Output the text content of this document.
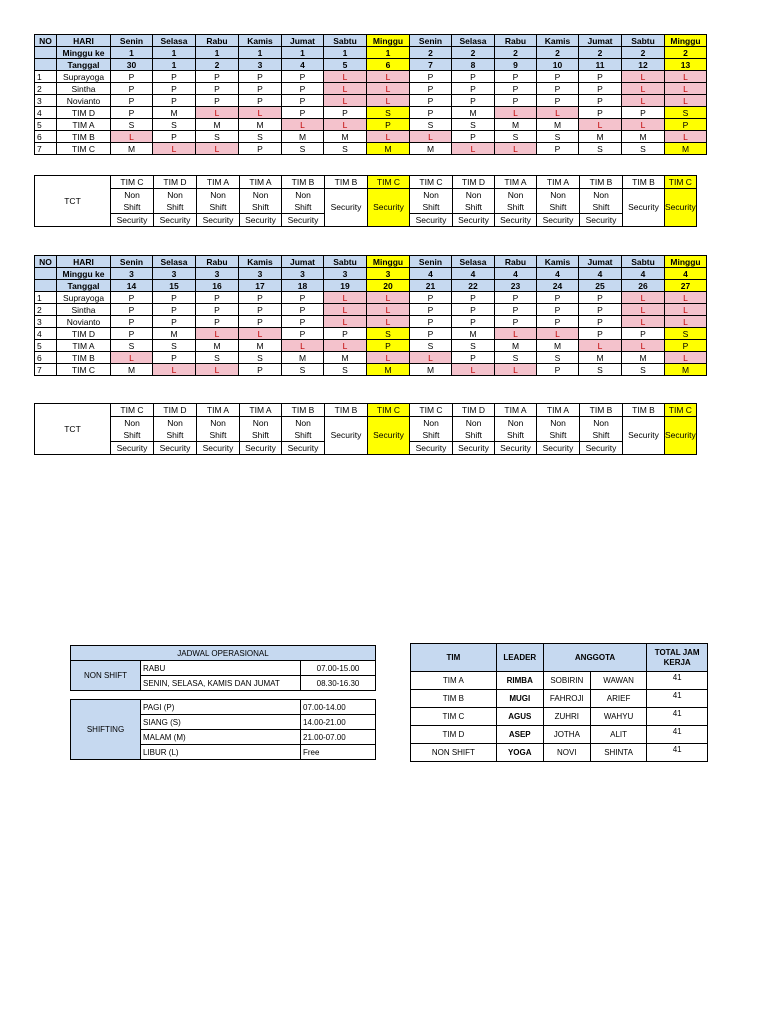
NO	HARI	Senin	Selasa	Rabu	Kamis	Jumat	Sabtu	Minggu	Senin	Selasa	Rabu	Kamis	Jumat	Sabtu	Minggu
	Minggu ke	1	1	1	1	1	1	1	2	2	2	2	2	2	2
	Tanggal	30	1	2	3	4	5	6	7	8	9	10	11	12	13
1	Suprayoga	P	P	P	P	P	L	L	P	P	P	P	P	L	L
2	Sintha	P	P	P	P	P	L	L	P	P	P	P	P	L	L
3	Novianto	P	P	P	P	P	L	L	P	P	P	P	P	L	L
4	TIM D	P	M	L	L	P	P	S	P	M	L	L	P	P	S
5	TIM A	S	S	M	M	L	L	P	S	S	M	M	L	L	P
6	TIM B	L	P	S	S	M	M	L	L	P	S	S	M	M	L
7	TIM C	M	L	L	P	S	S	M	M	L	L	P	S	S	M
TCT	TIM C	TIM D	TIM A	TIM A	TIM B	TIM B	TIM C	TIM C	TIM D	TIM A	TIM A	TIM B	TIM B	TIM C
	Non	Non	Non	Non	Non	Security	Security	Non	Non	Non	Non	Non	Security	Security
	Shift	Shift	Shift	Shift	Shift			Shift	Shift	Shift	Shift	Shift		
	Security	Security	Security	Security	Security			Security	Security	Security	Security	Security		
NO	HARI	Senin	Selasa	Rabu	Kamis	Jumat	Sabtu	Minggu	Senin	Selasa	Rabu	Kamis	Jumat	Sabtu	Minggu
	Minggu ke	3	3	3	3	3	3	3	4	4	4	4	4	4	4
	Tanggal	14	15	16	17	18	19	20	21	22	23	24	25	26	27
1	Suprayoga	P	P	P	P	P	L	L	P	P	P	P	P	L	L
2	Sintha	P	P	P	P	P	L	L	P	P	P	P	P	L	L
3	Novianto	P	P	P	P	P	L	L	P	P	P	P	P	L	L
4	TIM D	P	M	L	L	P	P	S	P	M	L	L	P	P	S
5	TIM A	S	S	M	M	L	L	P	S	S	M	M	L	L	P
6	TIM B	L	P	S	S	M	M	L	L	P	S	S	M	M	L
7	TIM C	M	L	L	P	S	S	M	M	L	L	P	S	S	M
TCT	TIM C	TIM D	TIM A	TIM A	TIM B	TIM B	TIM C	TIM C	TIM D	TIM A	TIM A	TIM B	TIM B	TIM C
	Non	Non	Non	Non	Non	Security	Security	Non	Non	Non	Non	Non	Security	Security
	Shift	Shift	Shift	Shift	Shift			Shift	Shift	Shift	Shift	Shift		
	Security	Security	Security	Security	Security			Security	Security	Security	Security	Security		
JADWAL OPERASIONAL		
NON SHIFT	RABU	07.00-15.00
	SENIN, SELASA, KAMIS DAN JUMAT	08.30-16.30

SHIFTING	PAGI (P)	07.00-14.00
	SIANG (S)	14.00-21.00
	MALAM (M)	21.00-07.00
	LIBUR (L)	Free
TIM	LEADER	ANGGOTA		TOTAL JAM KERJA
TIM A	RIMBA	SOBIRIN	WAWAN	41
TIM B	MUGI	FAHROJI	ARIEF	41
TIM C	AGUS	ZUHRI	WAHYU	41
TIM D	ASEP	JOTHA	ALIT	41
NON SHIFT	YOGA	NOVI	SHINTA	41
